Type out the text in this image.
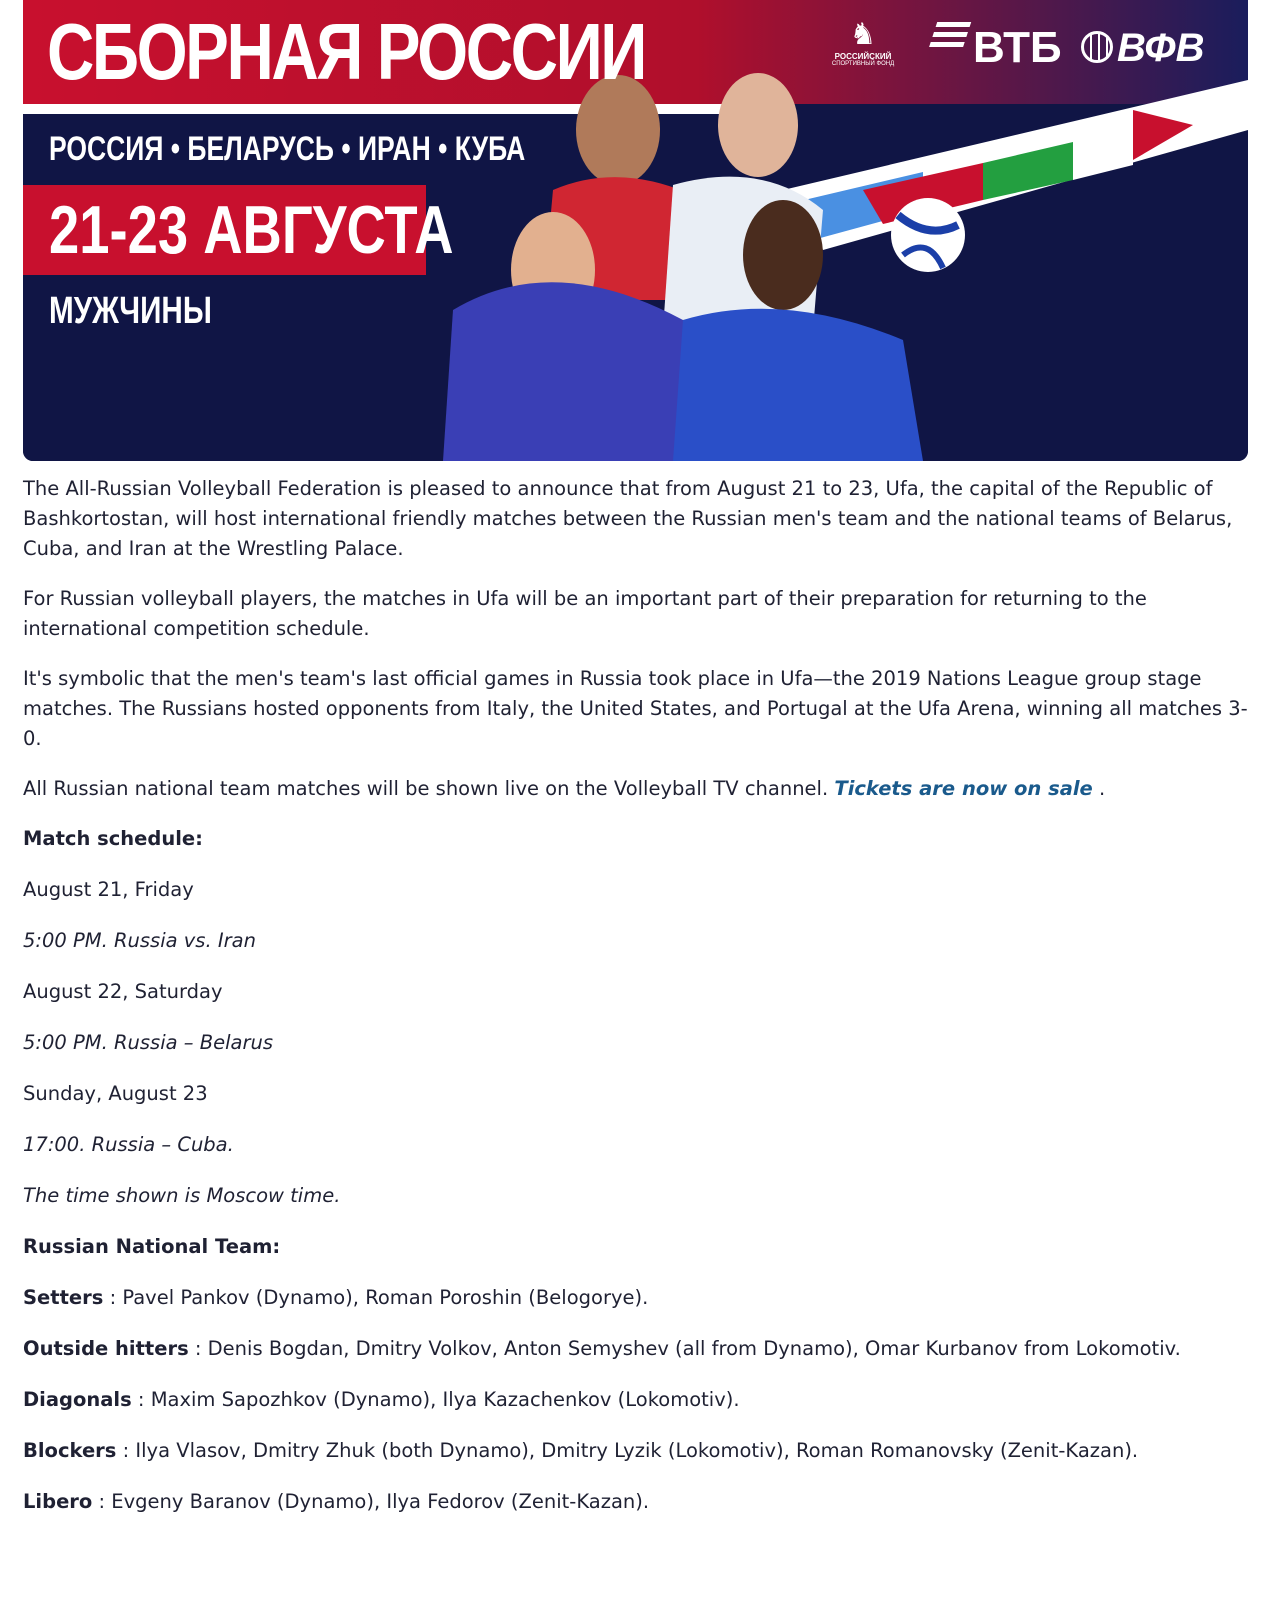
СБОРНАЯ РОССИИ
РОССИЯ • БЕЛАРУСЬ • ИРАН • КУБА
21-23 АВГУСТА
МУЖЧИНЫ
♞
РОССИЙСКИЙ
СПОРТИВНЫЙ ФОНД	ВТБ	ВФВ

The All-Russian Volleyball Federation is pleased to announce that from August 21 to 23, Ufa, the capital of the Republic of Bashkortostan, will host international friendly matches between the Russian men's team and the national teams of Belarus, Cuba, and Iran at the Wrestling Palace.

For Russian volleyball players, the matches in Ufa will be an important part of their preparation for returning to the international competition schedule.

It's symbolic that the men's team's last official games in Russia took place in Ufa—the 2019 Nations League group stage matches. The Russians hosted opponents from Italy, the United States, and Portugal at the Ufa Arena, winning all matches 3-0.

All Russian national team matches will be shown live on the Volleyball TV channel. Tickets are now on sale .

Match schedule:

August 21, Friday

5:00 PM. Russia vs. Iran

August 22, Saturday

5:00 PM. Russia – Belarus

Sunday, August 23

17:00. Russia – Cuba.

The time shown is Moscow time.

Russian National Team:

Setters : Pavel Pankov (Dynamo), Roman Poroshin (Belogorye).

Outside hitters : Denis Bogdan, Dmitry Volkov, Anton Semyshev (all from Dynamo), Omar Kurbanov from Lokomotiv.

Diagonals : Maxim Sapozhkov (Dynamo), Ilya Kazachenkov (Lokomotiv).

Blockers : Ilya Vlasov, Dmitry Zhuk (both Dynamo), Dmitry Lyzik (Lokomotiv), Roman Romanovsky (Zenit-Kazan).

Libero : Evgeny Baranov (Dynamo), Ilya Fedorov (Zenit-Kazan).
